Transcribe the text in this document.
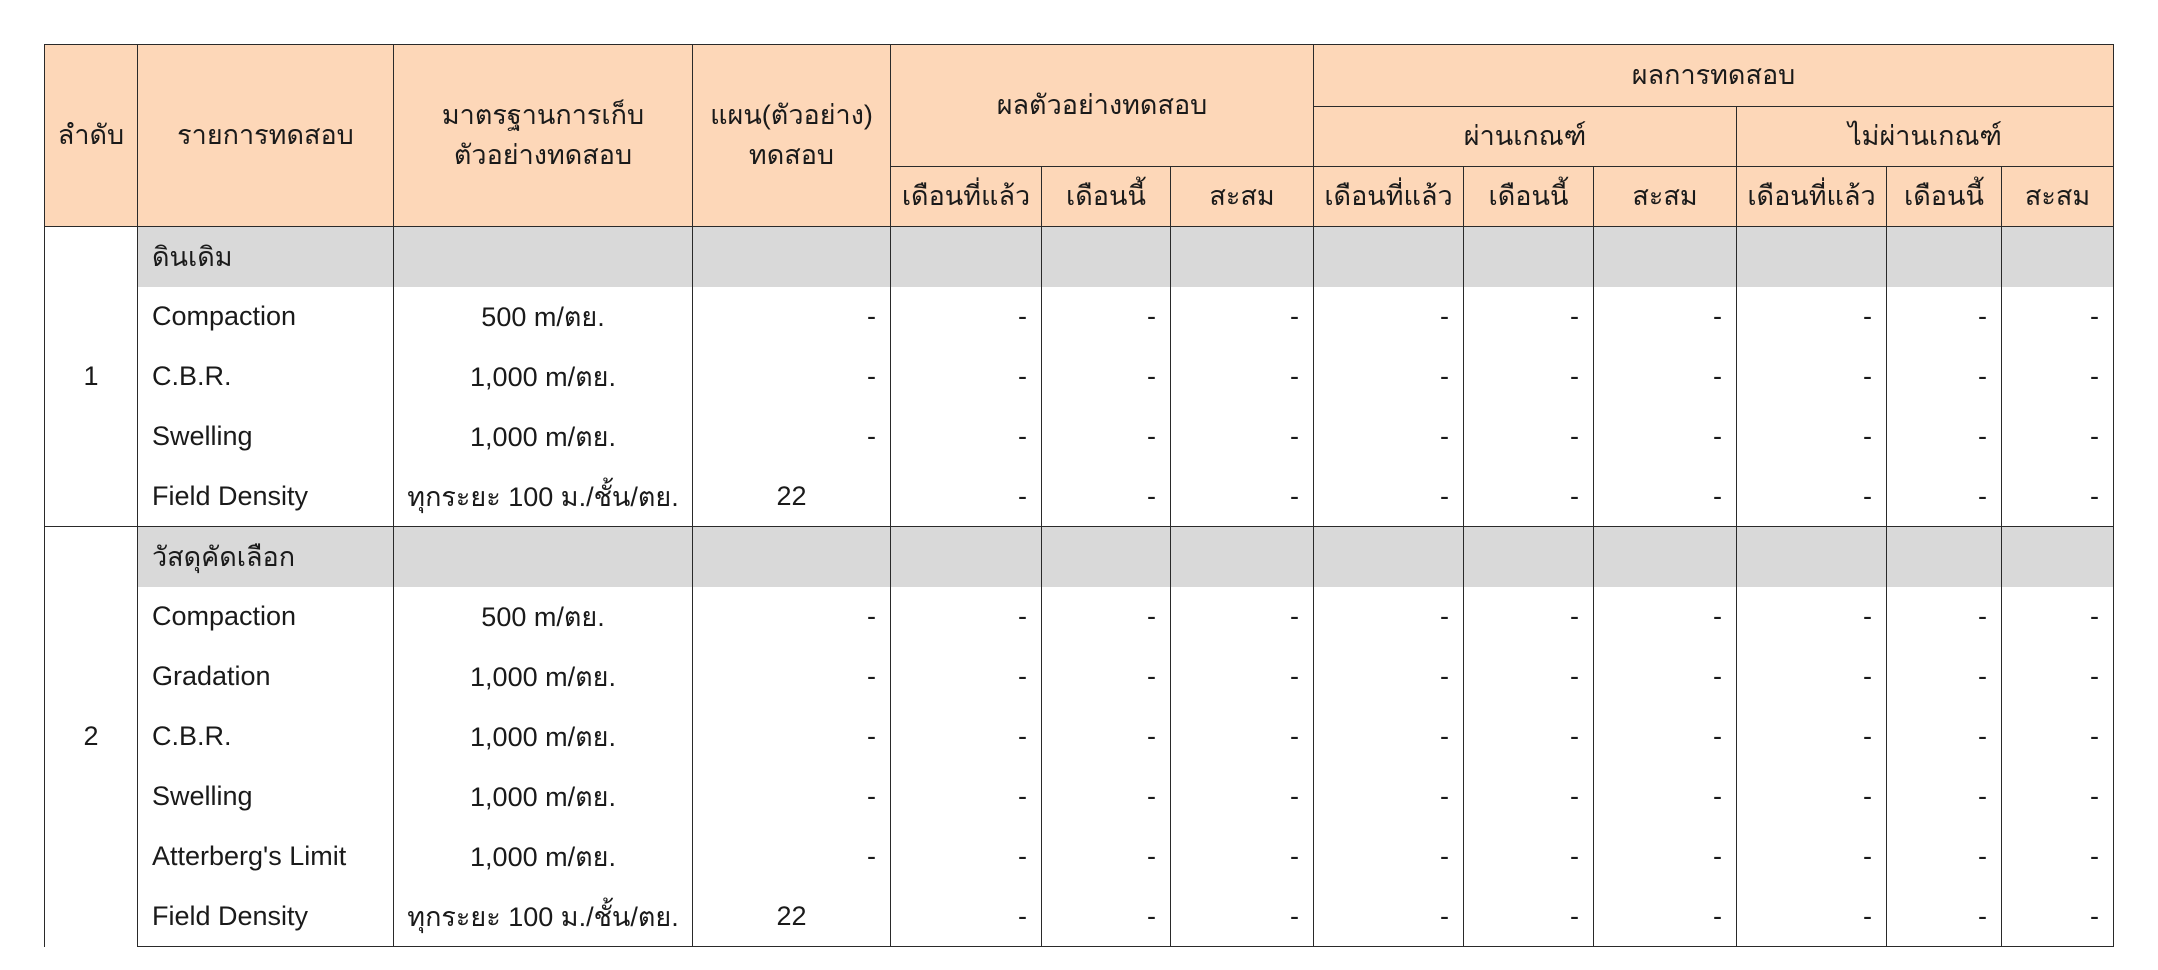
ลำดับ	รายการทดสอบ	มาตรฐานการเก็บ
ตัวอย่างทดสอบ	แผน(ตัวอย่าง)
ทดสอบ	ผลตัวอย่างทดสอบ			ผลการทดสอบ					
							ผ่านเกณฑ์			ไม่ผ่านเกณฑ์		
				เดือนที่แล้ว	เดือนนี้	สะสม	เดือนที่แล้ว	เดือนนี้	สะสม	เดือนที่แล้ว	เดือนนี้	สะสม
1	ดินเดิม											
	Compaction	500 m/ตย.	-	-	-	-	-	-	-	-	-	-
	C.B.R.	1,000 m/ตย.	-	-	-	-	-	-	-	-	-	-
	Swelling	1,000 m/ตย.	-	-	-	-	-	-	-	-	-	-
	Field Density	ทุกระยะ 100 ม./ชั้น/ตย.	22	-	-	-	-	-	-	-	-	-
2	วัสดุคัดเลือก											
	Compaction	500 m/ตย.	-	-	-	-	-	-	-	-	-	-
	Gradation	1,000 m/ตย.	-	-	-	-	-	-	-	-	-	-
	C.B.R.	1,000 m/ตย.	-	-	-	-	-	-	-	-	-	-
	Swelling	1,000 m/ตย.	-	-	-	-	-	-	-	-	-	-
	Atterberg's Limit	1,000 m/ตย.	-	-	-	-	-	-	-	-	-	-
	Field Density	ทุกระยะ 100 ม./ชั้น/ตย.	22	-	-	-	-	-	-	-	-	-
